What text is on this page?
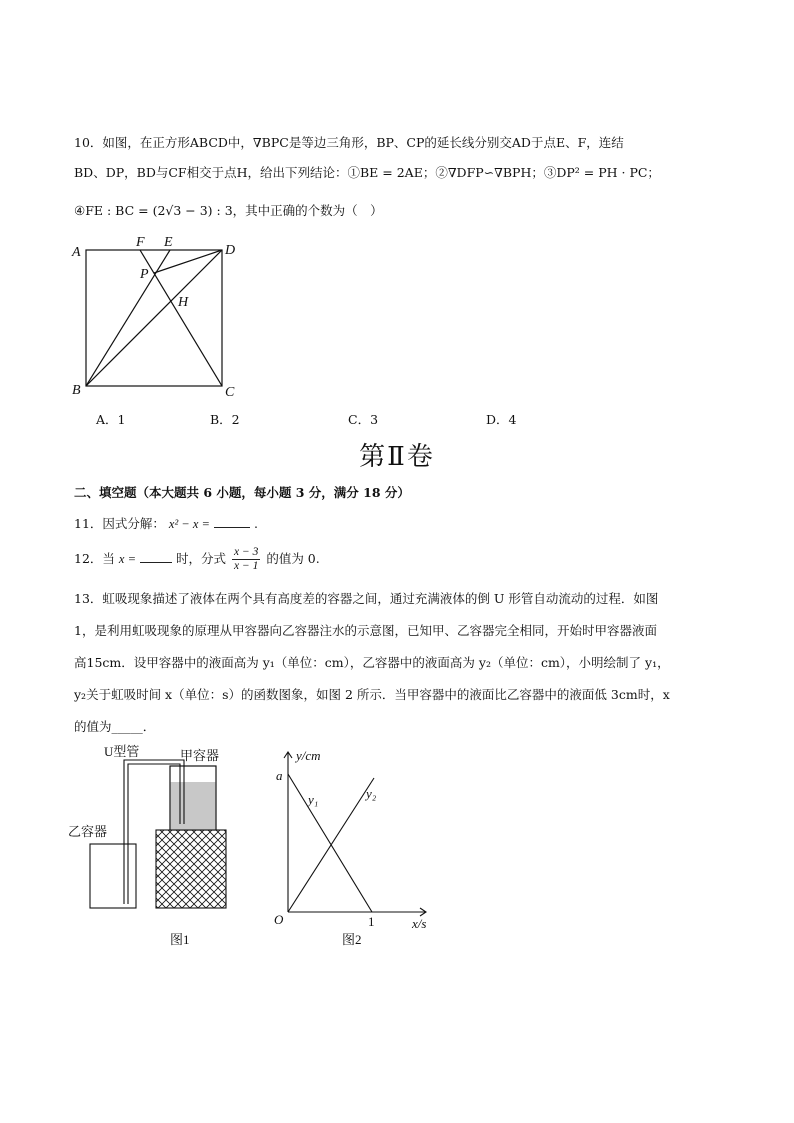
10．如图，在正方形ABCD中，∇BPC是等边三角形，BP、CP的延长线分别交AD于点E、F，连结
BD、DP，BD与CF相交于点H，给出下列结论：①BE = 2AE；②∇DFP∽∇BPH；③DP² = PH · PC；
④FE : BC = (2√3 − 3) : 3，其中正确的个数为（　）
A	D
B	C
F E
P
H
A．1	B．2	C．3	D．4
第Ⅱ卷
二、填空题（本大题共 6 小题，每小题 3 分，满分 18 分）
11．因式分解： x² − x =	.
12．当 x =	时，分式 $\frac{x - 3}{x - 1}$ 的值为 0.
13．虹吸现象描述了液体在两个具有高度差的容器之间，通过充满液体的倒 U 形管自动流动的过程．如图
1，是利用虹吸现象的原理从甲容器向乙容器注水的示意图，已知甲、乙容器完全相同，开始时甲容器液面
高15cm．设甲容器中的液面高为 y₁（单位：cm），乙容器中的液面高为 y₂（单位：cm），小明绘制了 y₁，
y₂关于虹吸时间 x（单位：s）的函数图象，如图 2 所示．当甲容器中的液面比乙容器中的液面低 3cm时，x
的值为_____．
U型管	甲容器
乙容器
图1
y/cm
x/s
O
a
y₁	y₂
1
图2
